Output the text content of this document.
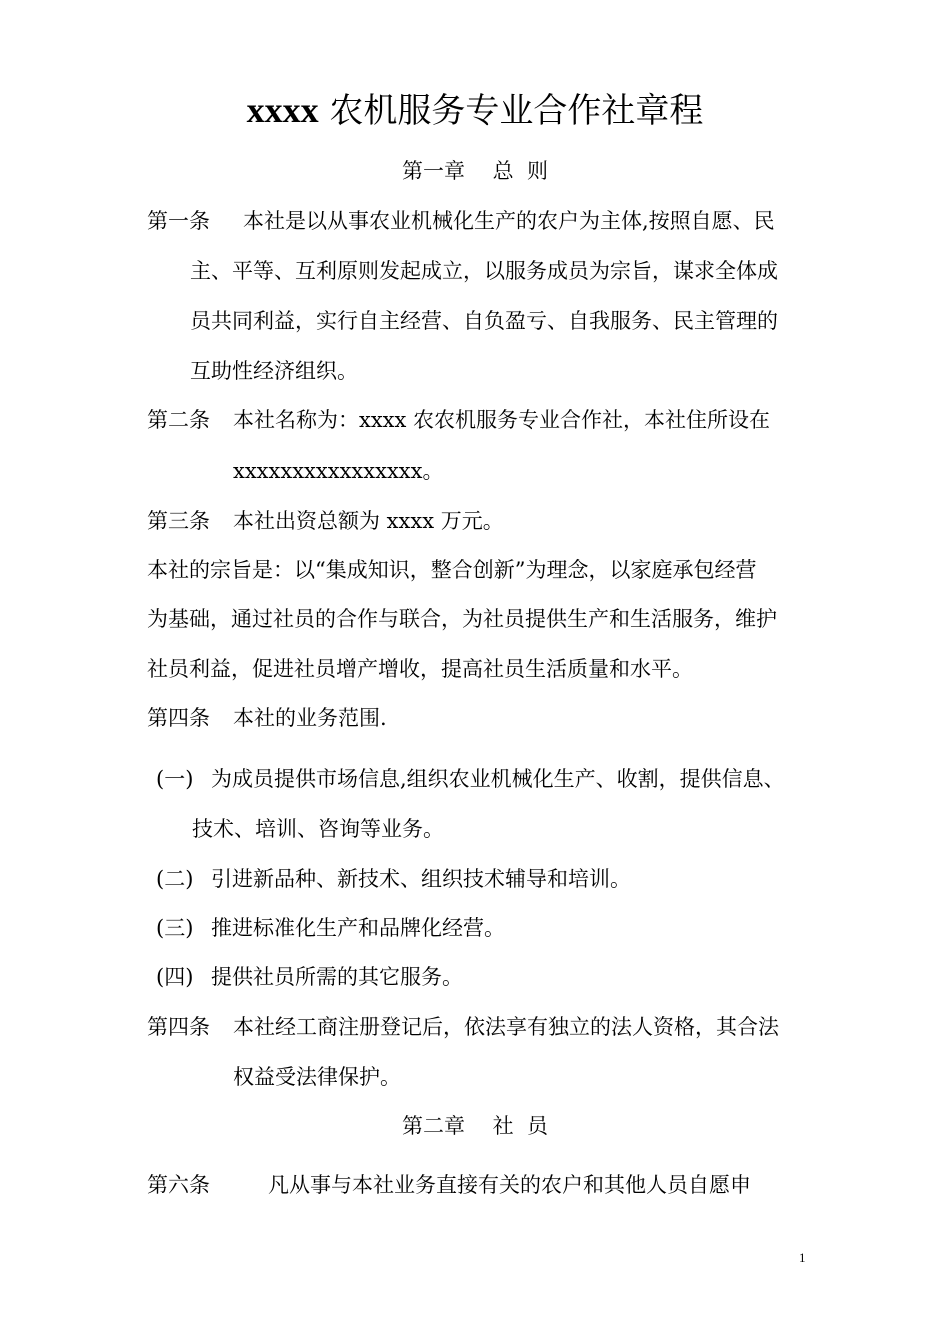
xxxx 农机服务专业合作社章程
第一章　 总  则
第一条 本社是以从事农业机械化生产的农户为主体,按照自愿、民
主、平等、互利原则发起成立，以服务成员为宗旨，谋求全体成
员共同利益，实行自主经营、自负盈亏、自我服务、民主管理的
互助性经济组织。
第二条 本社名称为：xxxx 农农机服务专业合作社，本社住所设在
xxxxxxxxxxxxxxxx。
第三条 本社出资总额为 xxxx 万元。
本社的宗旨是：以“集成知识，整合创新”为理念，以家庭承包经营
为基础，通过社员的合作与联合，为社员提供生产和生活服务，维护
社员利益，促进社员增产增收，提高社员生活质量和水平。
第四条 本社的业务范围.
(一) 为成员提供市场信息,组织农业机械化生产、收割，提供信息、
技术、培训、咨询等业务。
(二) 引进新品种、新技术、组织技术辅导和培训。
(三) 推进标准化生产和品牌化经营。
(四) 提供社员所需的其它服务。
第四条 本社经工商注册登记后，依法享有独立的法人资格，其合法
权益受法律保护。
第二章　 社  员
第六条	凡从事与本社业务直接有关的农户和其他人员自愿申
1
